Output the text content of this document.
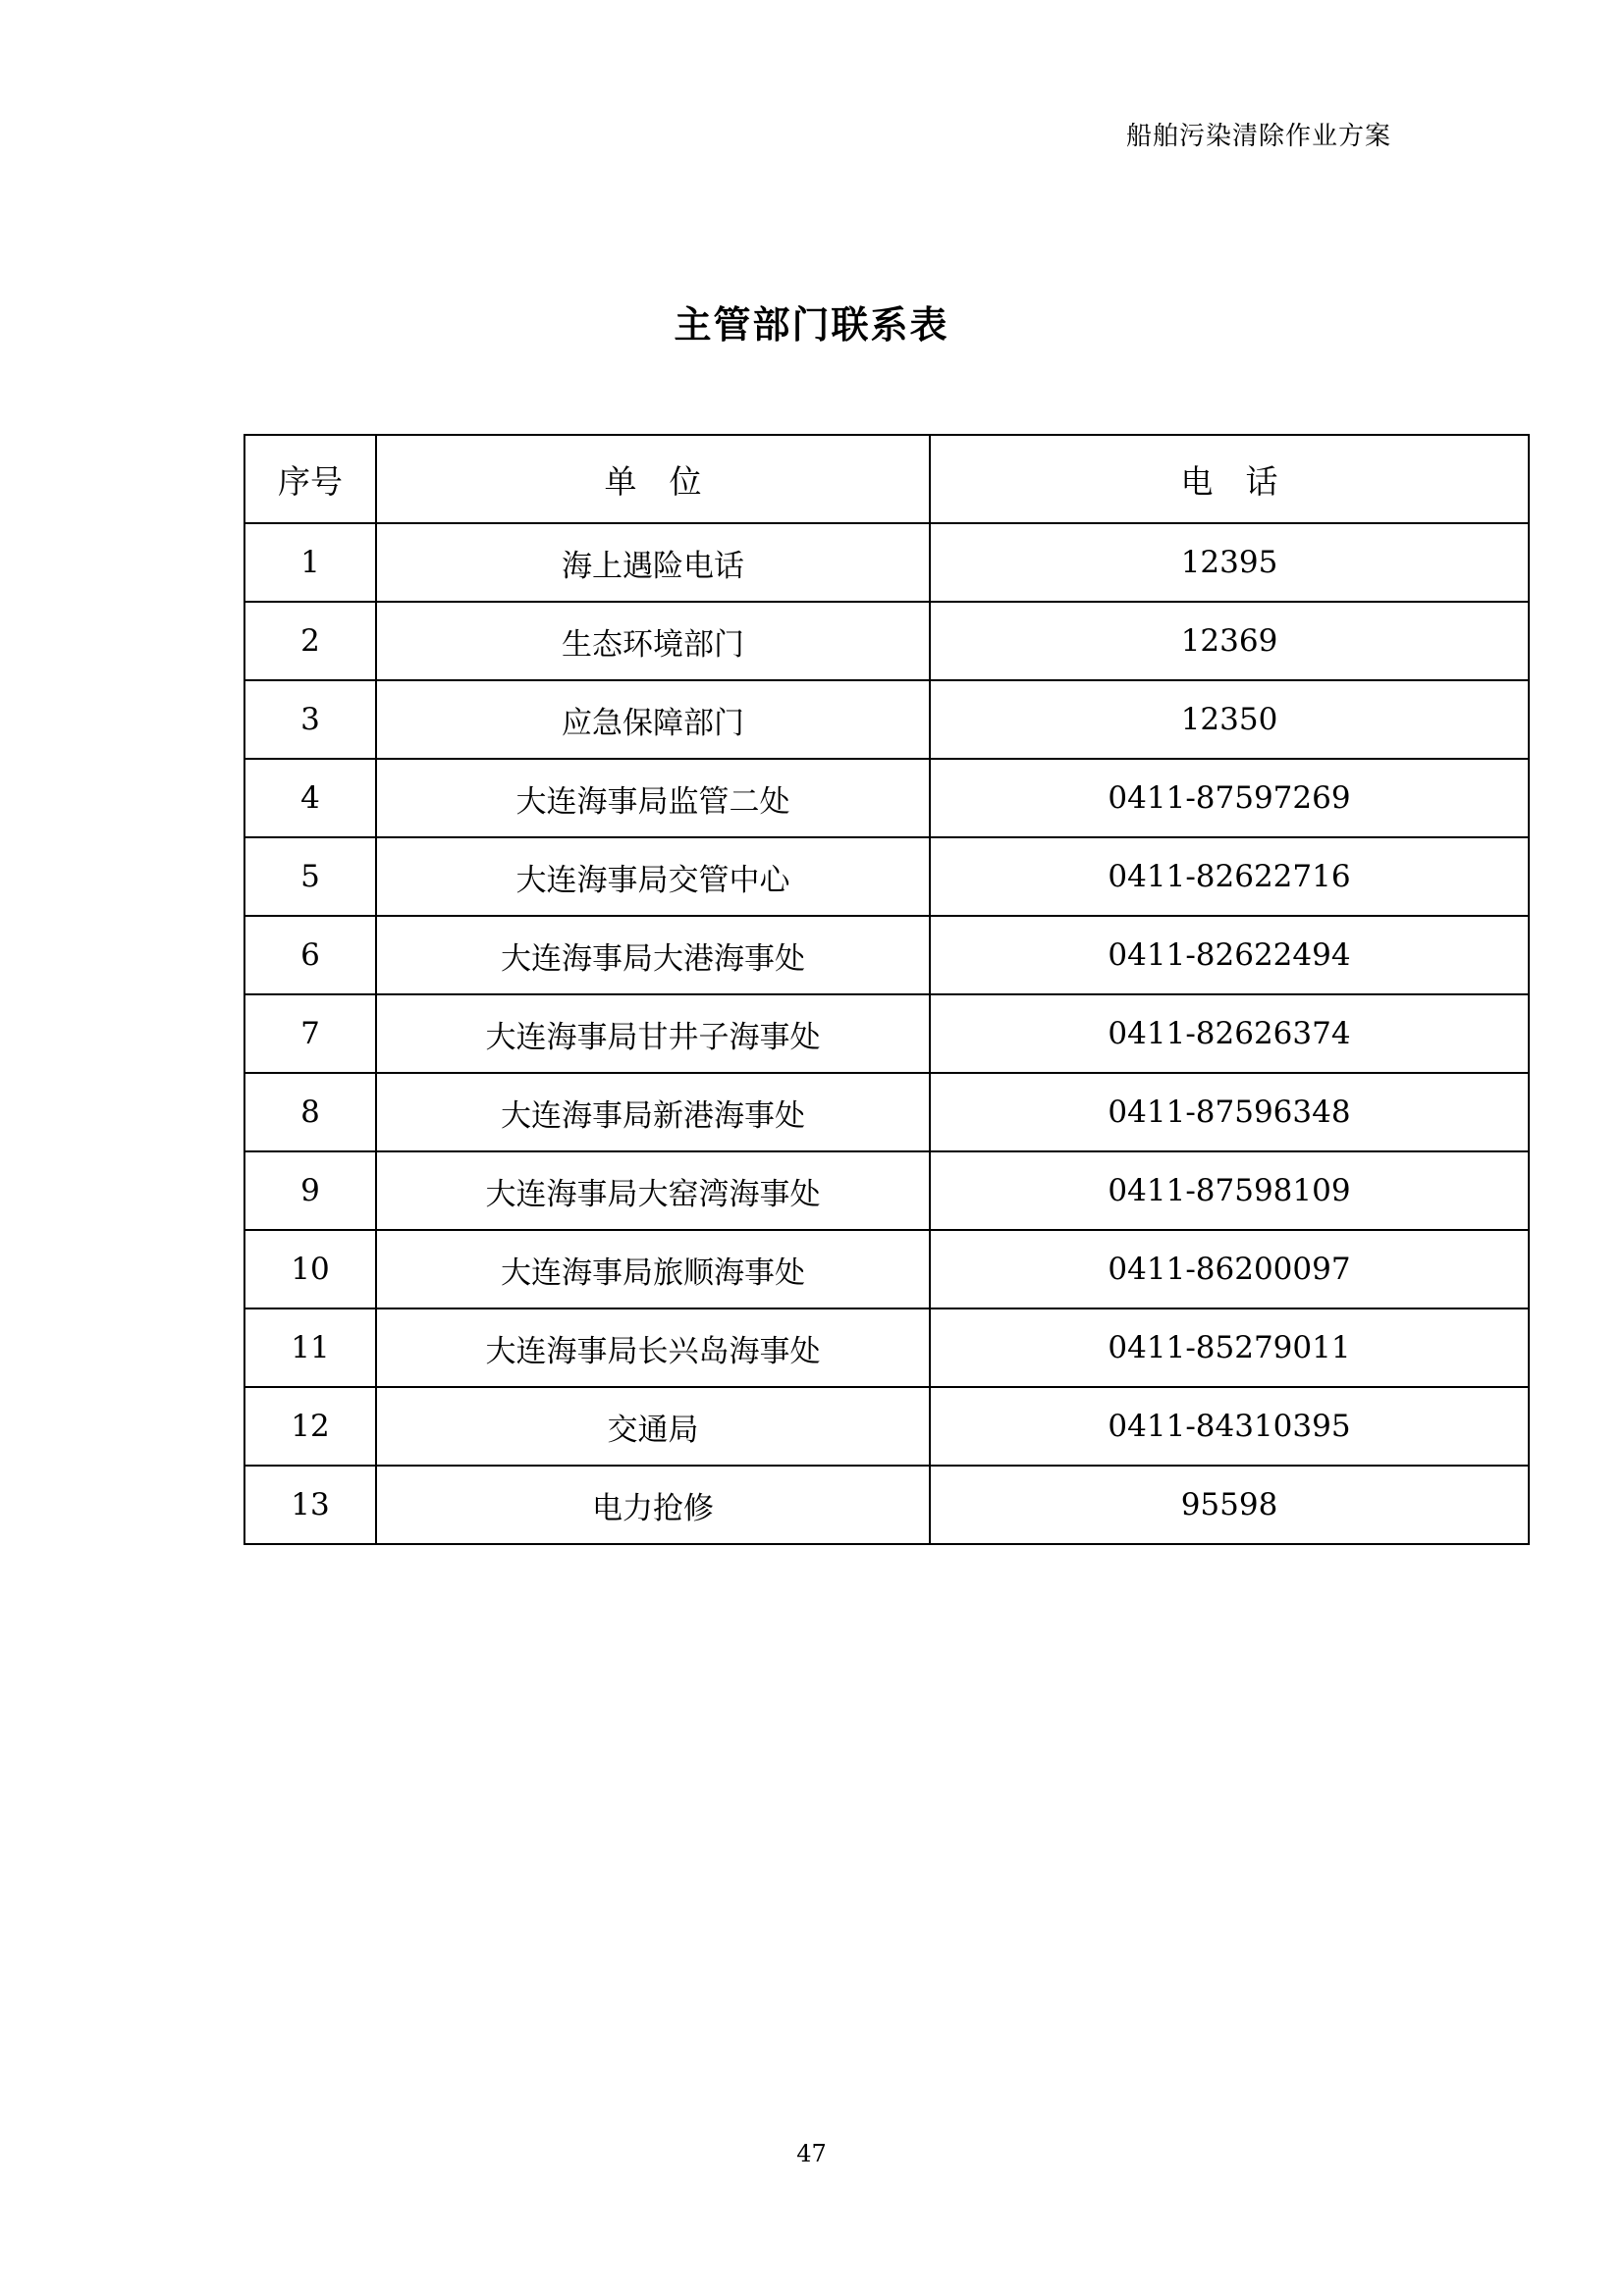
船舶污染清除作业方案
主管部门联系表
序号	单　位	电　话
1	海上遇险电话	12395
2	生态环境部门	12369
3	应急保障部门	12350
4	大连海事局监管二处	0411-87597269
5	大连海事局交管中心	0411-82622716
6	大连海事局大港海事处	0411-82622494
7	大连海事局甘井子海事处	0411-82626374
8	大连海事局新港海事处	0411-87596348
9	大连海事局大窑湾海事处	0411-87598109
10	大连海事局旅顺海事处	0411-86200097
11	大连海事局长兴岛海事处	0411-85279011
12	交通局	0411-84310395
13	电力抢修	95598
47
